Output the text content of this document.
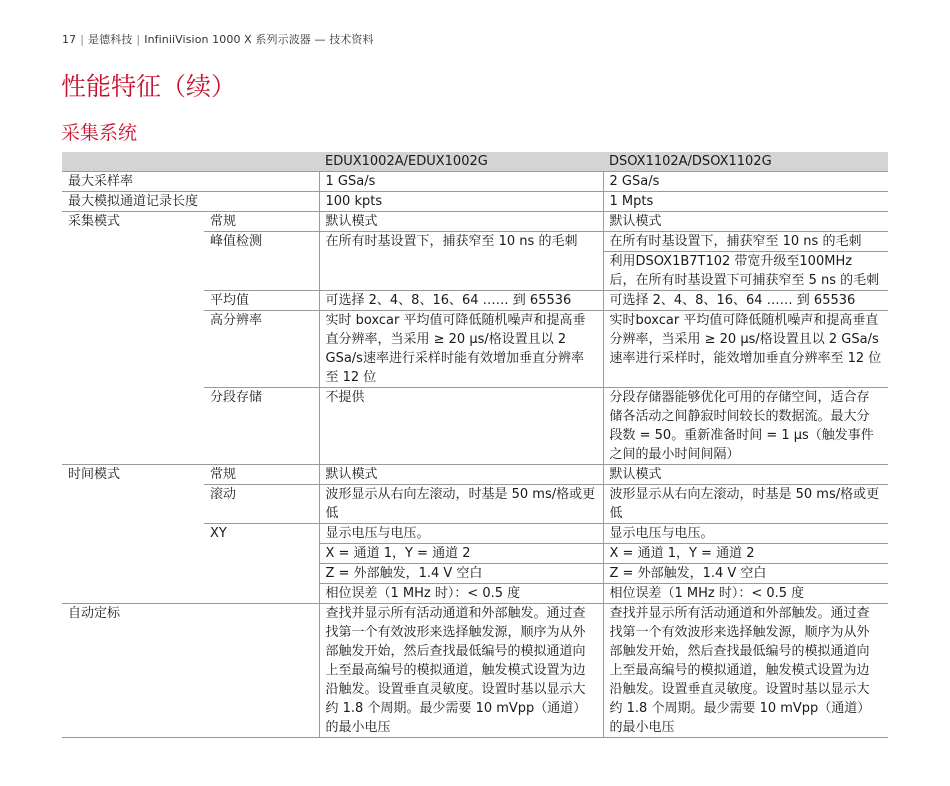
17 | 是德科技 | InfiniiVision 1000 X 系列示波器 — 技术资料
性能特征（续）
采集系统
		EDUX1002A/EDUX1002G	DSOX1102A/DSOX1102G
最大采样率		1 GSa/s	2 GSa/s
最大模拟通道记录长度		100 kpts	1 Mpts
采集模式	常规	默认模式	默认模式
	峰值检测	在所有时基设置下，捕获窄至 10 ns 的毛刺	在所有时基设置下，捕获窄至 10 ns 的毛刺
			利用DSOX1B7T102 带宽升级至100MHz 后，在所有时基设置下可捕获窄至 5 ns 的毛刺
	平均值	可选择 2、4、8、16、64 …… 到 65536	可选择 2、4、8、16、64 …… 到 65536
	高分辨率	实时 boxcar 平均值可降低随机噪声和提高垂直分辨率，当采用 ≥ 20 μs/格设置且以 2 GSa/s速率进行采样时能有效增加垂直分辨率至 12 位	实时boxcar 平均值可降低随机噪声和提高垂直分辨率，当采用 ≥ 20 μs/格设置且以 2 GSa/s速率进行采样时，能效增加垂直分辨率至 12 位
	分段存储	不提供	分段存储器能够优化可用的存储空间，适合存储各活动之间静寂时间较长的数据流。最大分段数 = 50。重新准备时间 = 1 μs（触发事件之间的最小时间间隔）
时间模式	常规	默认模式	默认模式
	滚动	波形显示从右向左滚动，时基是 50 ms/格或更低	波形显示从右向左滚动，时基是 50 ms/格或更低
	XY	显示电压与电压。	显示电压与电压。
		X = 通道 1，Y = 通道 2	X = 通道 1，Y = 通道 2
		Z = 外部触发，1.4 V 空白	Z = 外部触发，1.4 V 空白
		相位误差（1 MHz 时）：< 0.5 度	相位误差（1 MHz 时）：< 0.5 度
自动定标		查找并显示所有活动通道和外部触发。通过查找第一个有效波形来选择触发源，顺序为从外部触发开始，然后查找最低编号的模拟通道向上至最高编号的模拟通道，触发模式设置为边沿触发。设置垂直灵敏度。设置时基以显示大约 1.8 个周期。最少需要 10 mVpp（通道）的最小电压	查找并显示所有活动通道和外部触发。通过查找第一个有效波形来选择触发源，顺序为从外部触发开始，然后查找最低编号的模拟通道向上至最高编号的模拟通道，触发模式设置为边沿触发。设置垂直灵敏度。设置时基以显示大约 1.8 个周期。最少需要 10 mVpp（通道）的最小电压
